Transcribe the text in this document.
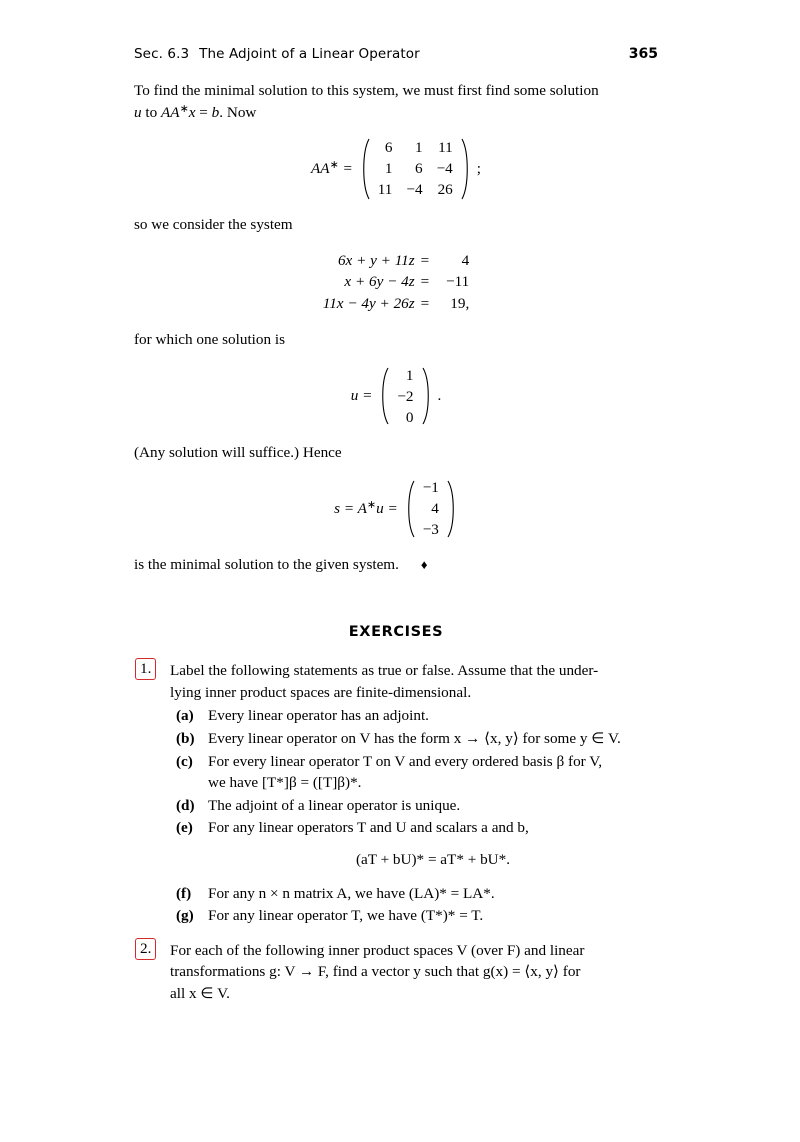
Sec. 6.3 The Adjoint of a Linear Operator	365

To find the minimal solution to this system, we must first find some solution
u to AA∗x = b. Now

AA∗ =
6	1	11
1	6	−4
11	−4	26
;

so we consider the system

6x + y + 11z	=	4
x + 6y − 4z	=	−11
11x − 4y + 26z	=	19,

for which one solution is

u =
1
−2
0
.

(Any solution will suffice.) Hence

s = A∗u =
−1
4
−3

is the minimal solution to the given system. ♦

EXERCISES
1.	Label the following statements as true or false. Assume that the under-
lying inner product spaces are finite-dimensional.
(a) Every linear operator has an adjoint.
(b) Every linear operator on V has the form x → ⟨x, y⟩ for some y ∈ V.
(c) For every linear operator T on V and every ordered basis β for V,
we have [T*]β = ([T]β)*.
(d) The adjoint of a linear operator is unique.
(e) For any linear operators T and U and scalars a and b,
(aT + bU)* = aT* + bU*.
(f)	For any n × n matrix A, we have (LA)* = LA*.
(g) For any linear operator T, we have (T*)* = T.
2.	For each of the following inner product spaces V (over F) and linear
transformations g: V → F, find a vector y such that g(x) = ⟨x, y⟩ for
all x ∈ V.
